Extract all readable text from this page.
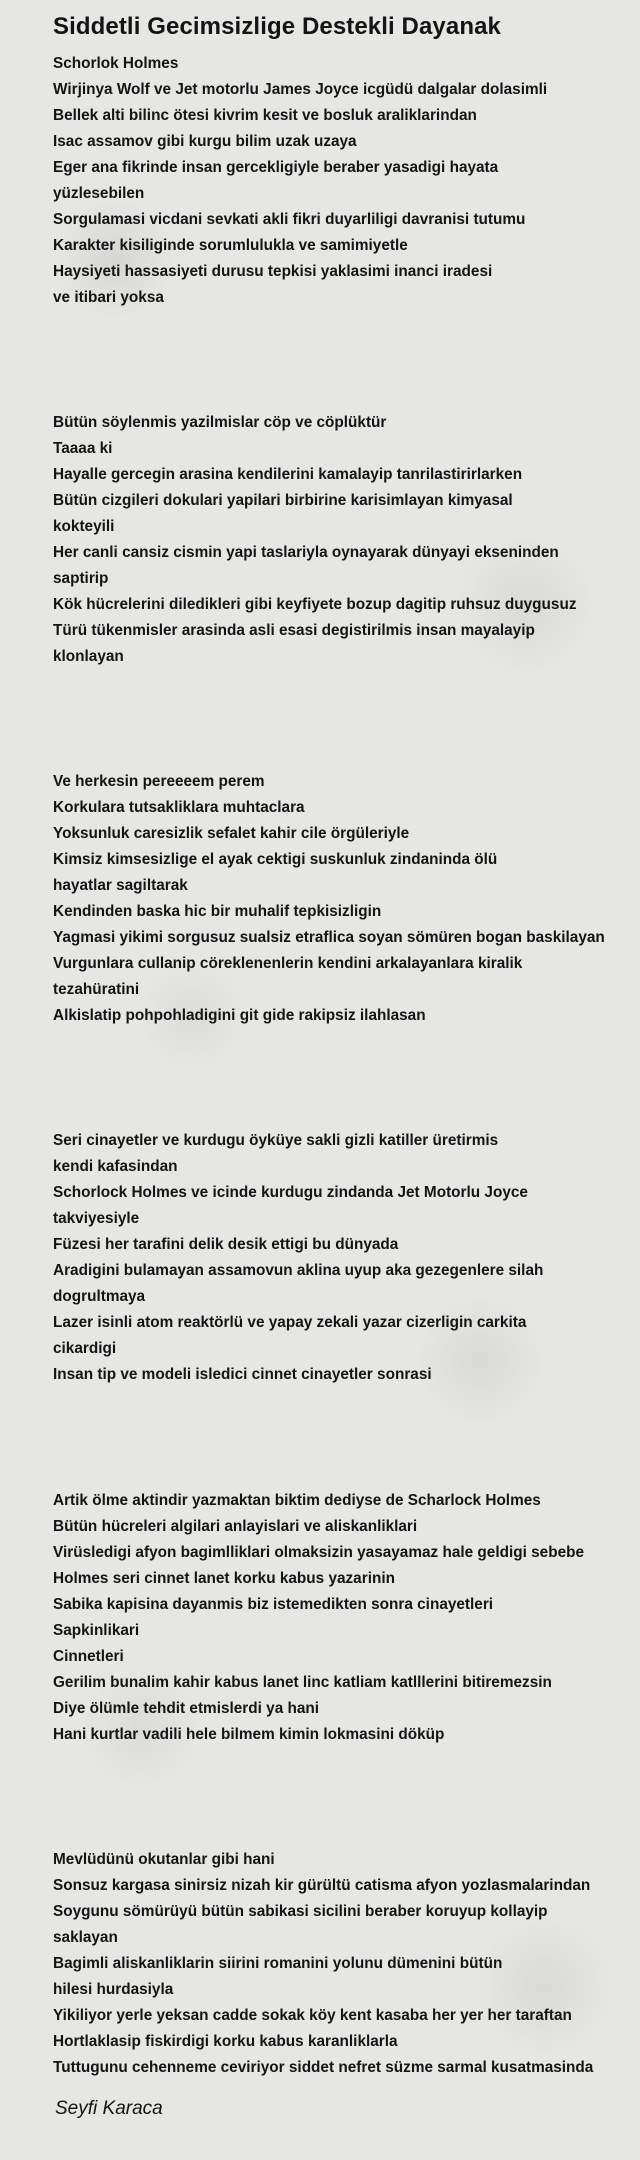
Siddetli Gecimsizlige Destekli Dayanak
Schorlok Holmes
Wirjinya Wolf ve Jet motorlu James Joyce icgüdü dalgalar dolasimli
Bellek alti bilinc ötesi kivrim kesit ve bosluk araliklarindan
Isac assamov gibi kurgu bilim uzak uzaya
Eger ana fikrinde insan gercekligiyle beraber yasadigi hayata
yüzlesebilen
Sorgulamasi vicdani sevkati akli fikri duyarliligi davranisi tutumu
Karakter kisiliginde sorumlulukla ve samimiyetle
Haysiyeti hassasiyeti durusu tepkisi yaklasimi inanci iradesi
ve itibari yoksa
Bütün söylenmis yazilmislar cöp ve cöplüktür
Taaaa ki
Hayalle gercegin arasina kendilerini kamalayip tanrilastirirlarken
Bütün cizgileri dokulari yapilari birbirine karisimlayan kimyasal
kokteyili
Her canli cansiz cismin yapi taslariyla oynayarak dünyayi ekseninden
saptirip
Kök hücrelerini diledikleri gibi keyfiyete bozup dagitip ruhsuz duygusuz
Türü tükenmisler arasinda asli esasi degistirilmis insan mayalayip
klonlayan
Ve herkesin pereeeem perem
Korkulara tutsakliklara muhtaclara
Yoksunluk caresizlik sefalet kahir cile örgüleriyle
Kimsiz kimsesizlige el ayak cektigi suskunluk zindaninda ölü
hayatlar sagiltarak
Kendinden baska hic bir muhalif tepkisizligin
Yagmasi yikimi sorgusuz sualsiz etraflica soyan sömüren bogan baskilayan
Vurgunlara cullanip cöreklenenlerin kendini arkalayanlara kiralik
tezahüratini
Alkislatip pohpohladigini git gide rakipsiz ilahlasan
Seri cinayetler ve kurdugu öyküye sakli gizli katiller üretirmis
kendi kafasindan
Schorlock Holmes ve icinde kurdugu zindanda Jet Motorlu Joyce
takviyesiyle
Füzesi her tarafini delik desik ettigi bu dünyada
Aradigini bulamayan assamovun aklina uyup aka gezegenlere silah
dogrultmaya
Lazer isinli atom reaktörlü ve yapay zekali yazar cizerligin carkita
cikardigi
Insan tip ve modeli isledici cinnet cinayetler sonrasi
Artik ölme aktindir yazmaktan biktim dediyse de Scharlock Holmes
Bütün hücreleri algilari anlayislari ve aliskanliklari
Virüsledigi afyon bagimlliklari olmaksizin yasayamaz hale geldigi sebebe
Holmes seri cinnet lanet korku kabus yazarinin
Sabika kapisina dayanmis biz istemedikten sonra cinayetleri
Sapkinlikari
Cinnetleri
Gerilim bunalim kahir kabus lanet linc katliam katlllerini bitiremezsin
Diye ölümle tehdit etmislerdi ya hani
Hani kurtlar vadili hele bilmem kimin lokmasini döküp
Mevlüdünü okutanlar gibi hani
Sonsuz kargasa sinirsiz nizah kir gürültü catisma afyon yozlasmalarindan
Soygunu sömürüyü bütün sabikasi sicilini beraber koruyup kollayip
saklayan
Bagimli aliskanliklarin siirini romanini yolunu dümenini bütün
hilesi hurdasiyla
Yikiliyor yerle yeksan cadde sokak köy kent kasaba her yer her taraftan
Hortlaklasip fiskirdigi korku kabus karanliklarla
Tuttugunu cehenneme ceviriyor siddet nefret süzme sarmal kusatmasinda
Seyfi Karaca
